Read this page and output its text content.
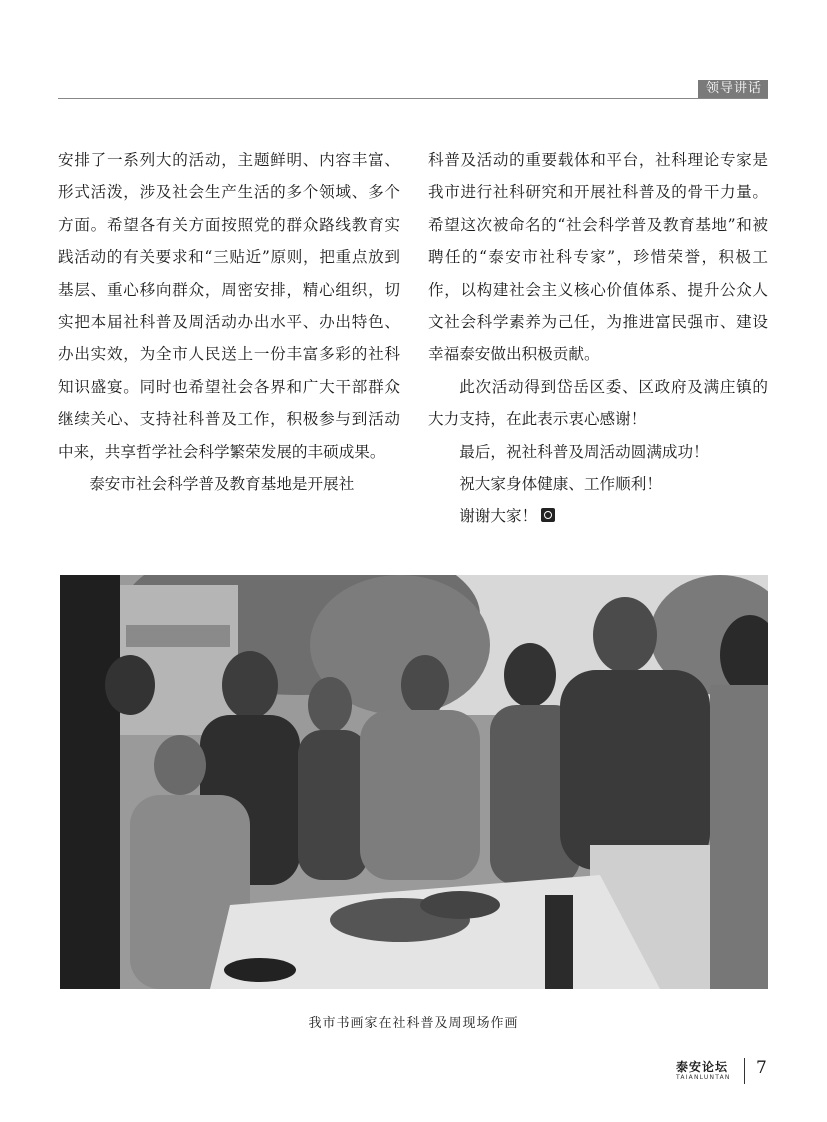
领导讲话

安排了一系列大的活动，主题鲜明、内容丰富、形式活泼，涉及社会生产生活的多个领域、多个方面。希望各有关方面按照党的群众路线教育实践活动的有关要求和“三贴近”原则，把重点放到基层、重心移向群众，周密安排，精心组织，切实把本届社科普及周活动办出水平、办出特色、办出实效，为全市人民送上一份丰富多彩的社科知识盛宴。同时也希望社会各界和广大干部群众继续关心、支持社科普及工作，积极参与到活动中来，共享哲学社会科学繁荣发展的丰硕成果。

泰安市社会科学普及教育基地是开展社

科普及活动的重要载体和平台，社科理论专家是我市进行社科研究和开展社科普及的骨干力量。希望这次被命名的“社会科学普及教育基地”和被聘任的“泰安市社科专家”，珍惜荣誉，积极工作，以构建社会主义核心价值体系、提升公众人文社会科学素养为己任，为推进富民强市、建设幸福泰安做出积极贡献。

此次活动得到岱岳区委、区政府及满庄镇的大力支持，在此表示衷心感谢！

最后，祝社科普及周活动圆满成功！

祝大家身体健康、工作顺利！

谢谢大家！

我市书画家在社科普及周现场作画
泰安论坛
TAIANLUNTAN 7
